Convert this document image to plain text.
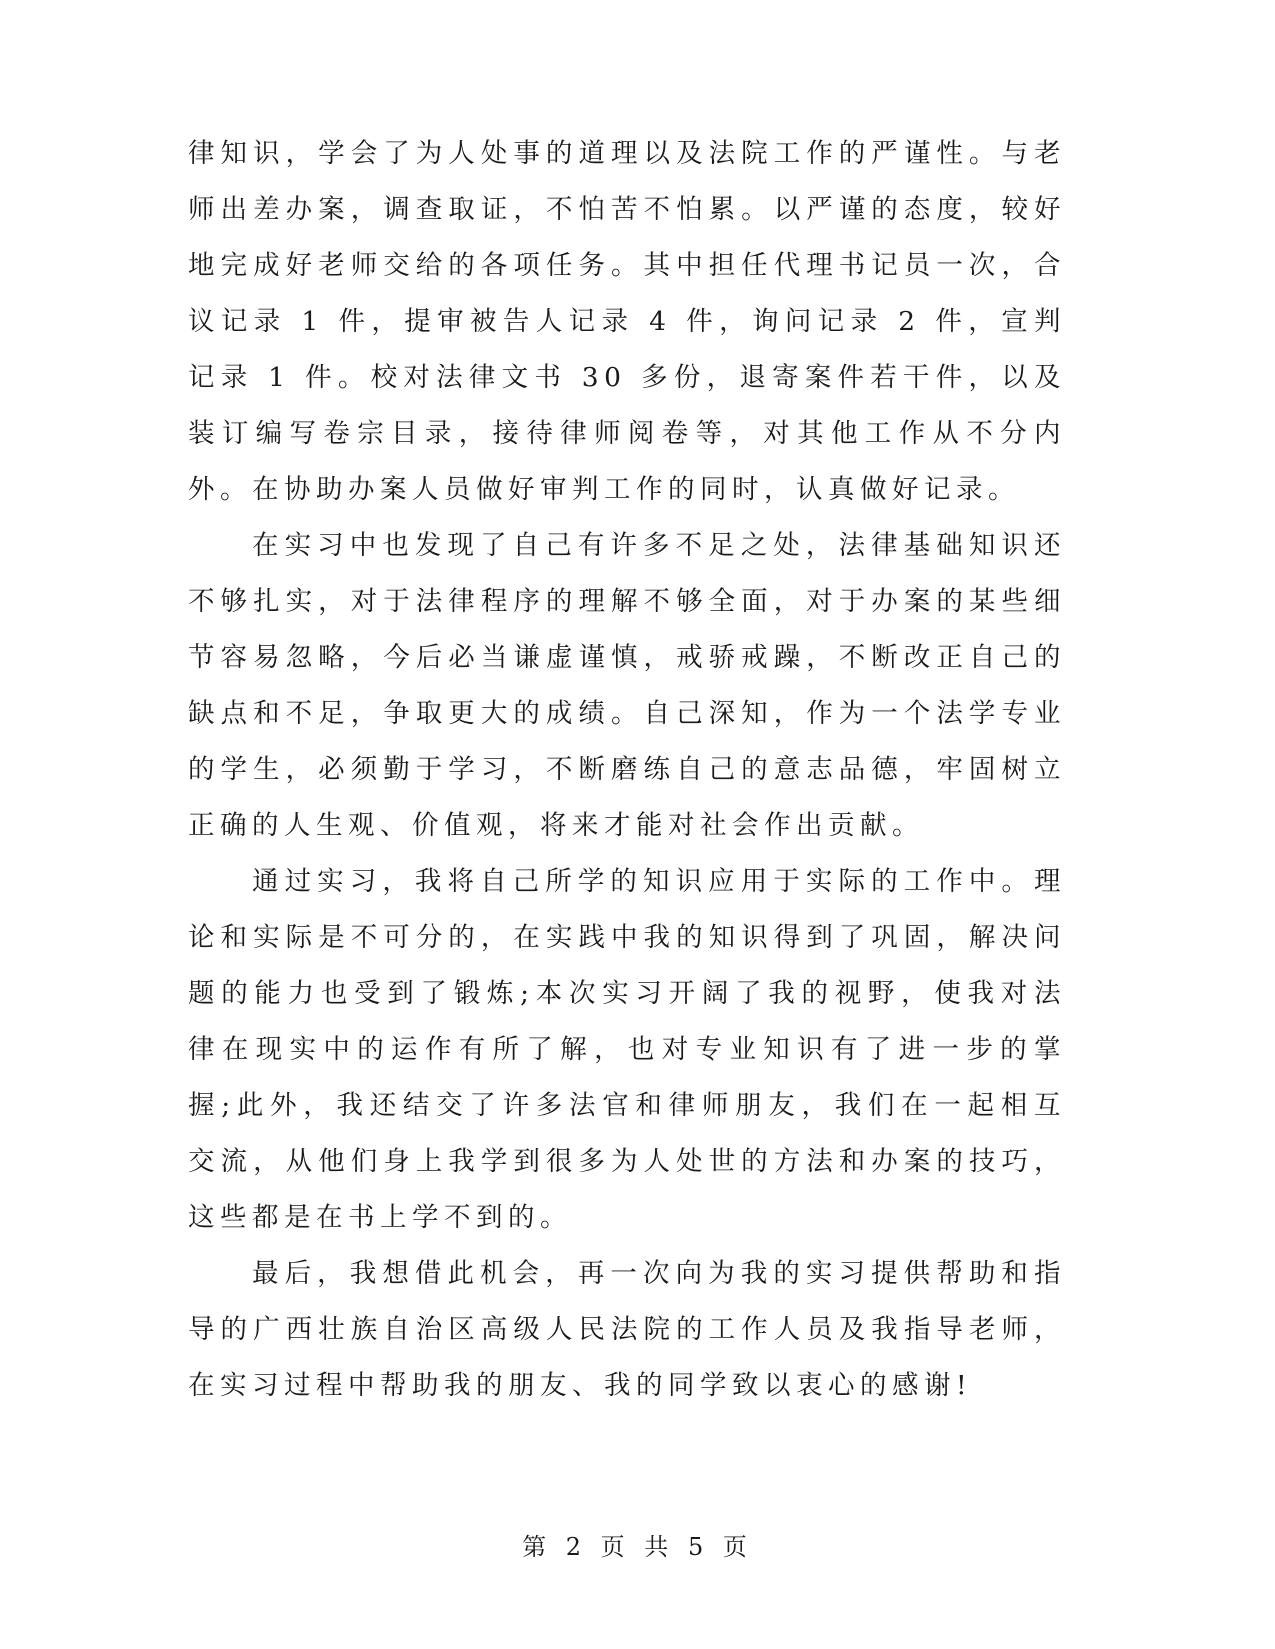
律知识，学会了为人处事的道理以及法院工作的严谨性。与老师出差办案，调查取证，不怕苦不怕累。以严谨的态度，较好地完成好老师交给的各项任务。其中担任代理书记员一次，合议记录 1 件，提审被告人记录 4 件，询问记录 2 件，宣判记录 1 件。校对法律文书 30 多份，退寄案件若干件，以及装订编写卷宗目录，接待律师阅卷等，对其他工作从不分内外。在协助办案人员做好审判工作的同时，认真做好记录。

在实习中也发现了自己有许多不足之处，法律基础知识还不够扎实，对于法律程序的理解不够全面，对于办案的某些细节容易忽略，今后必当谦虚谨慎，戒骄戒躁，不断改正自己的缺点和不足，争取更大的成绩。自己深知，作为一个法学专业的学生，必须勤于学习，不断磨练自己的意志品德，牢固树立正确的人生观、价值观，将来才能对社会作出贡献。

通过实习，我将自己所学的知识应用于实际的工作中。理论和实际是不可分的，在实践中我的知识得到了巩固，解决问题的能力也受到了锻炼;本次实习开阔了我的视野，使我对法律在现实中的运作有所了解，也对专业知识有了进一步的掌握;此外，我还结交了许多法官和律师朋友，我们在一起相互交流，从他们身上我学到很多为人处世的方法和办案的技巧，这些都是在书上学不到的。

最后，我想借此机会，再一次向为我的实习提供帮助和指导的广西壮族自治区高级人民法院的工作人员及我指导老师，在实习过程中帮助我的朋友、我的同学致以衷心的感谢!

第 2 页 共 5 页
